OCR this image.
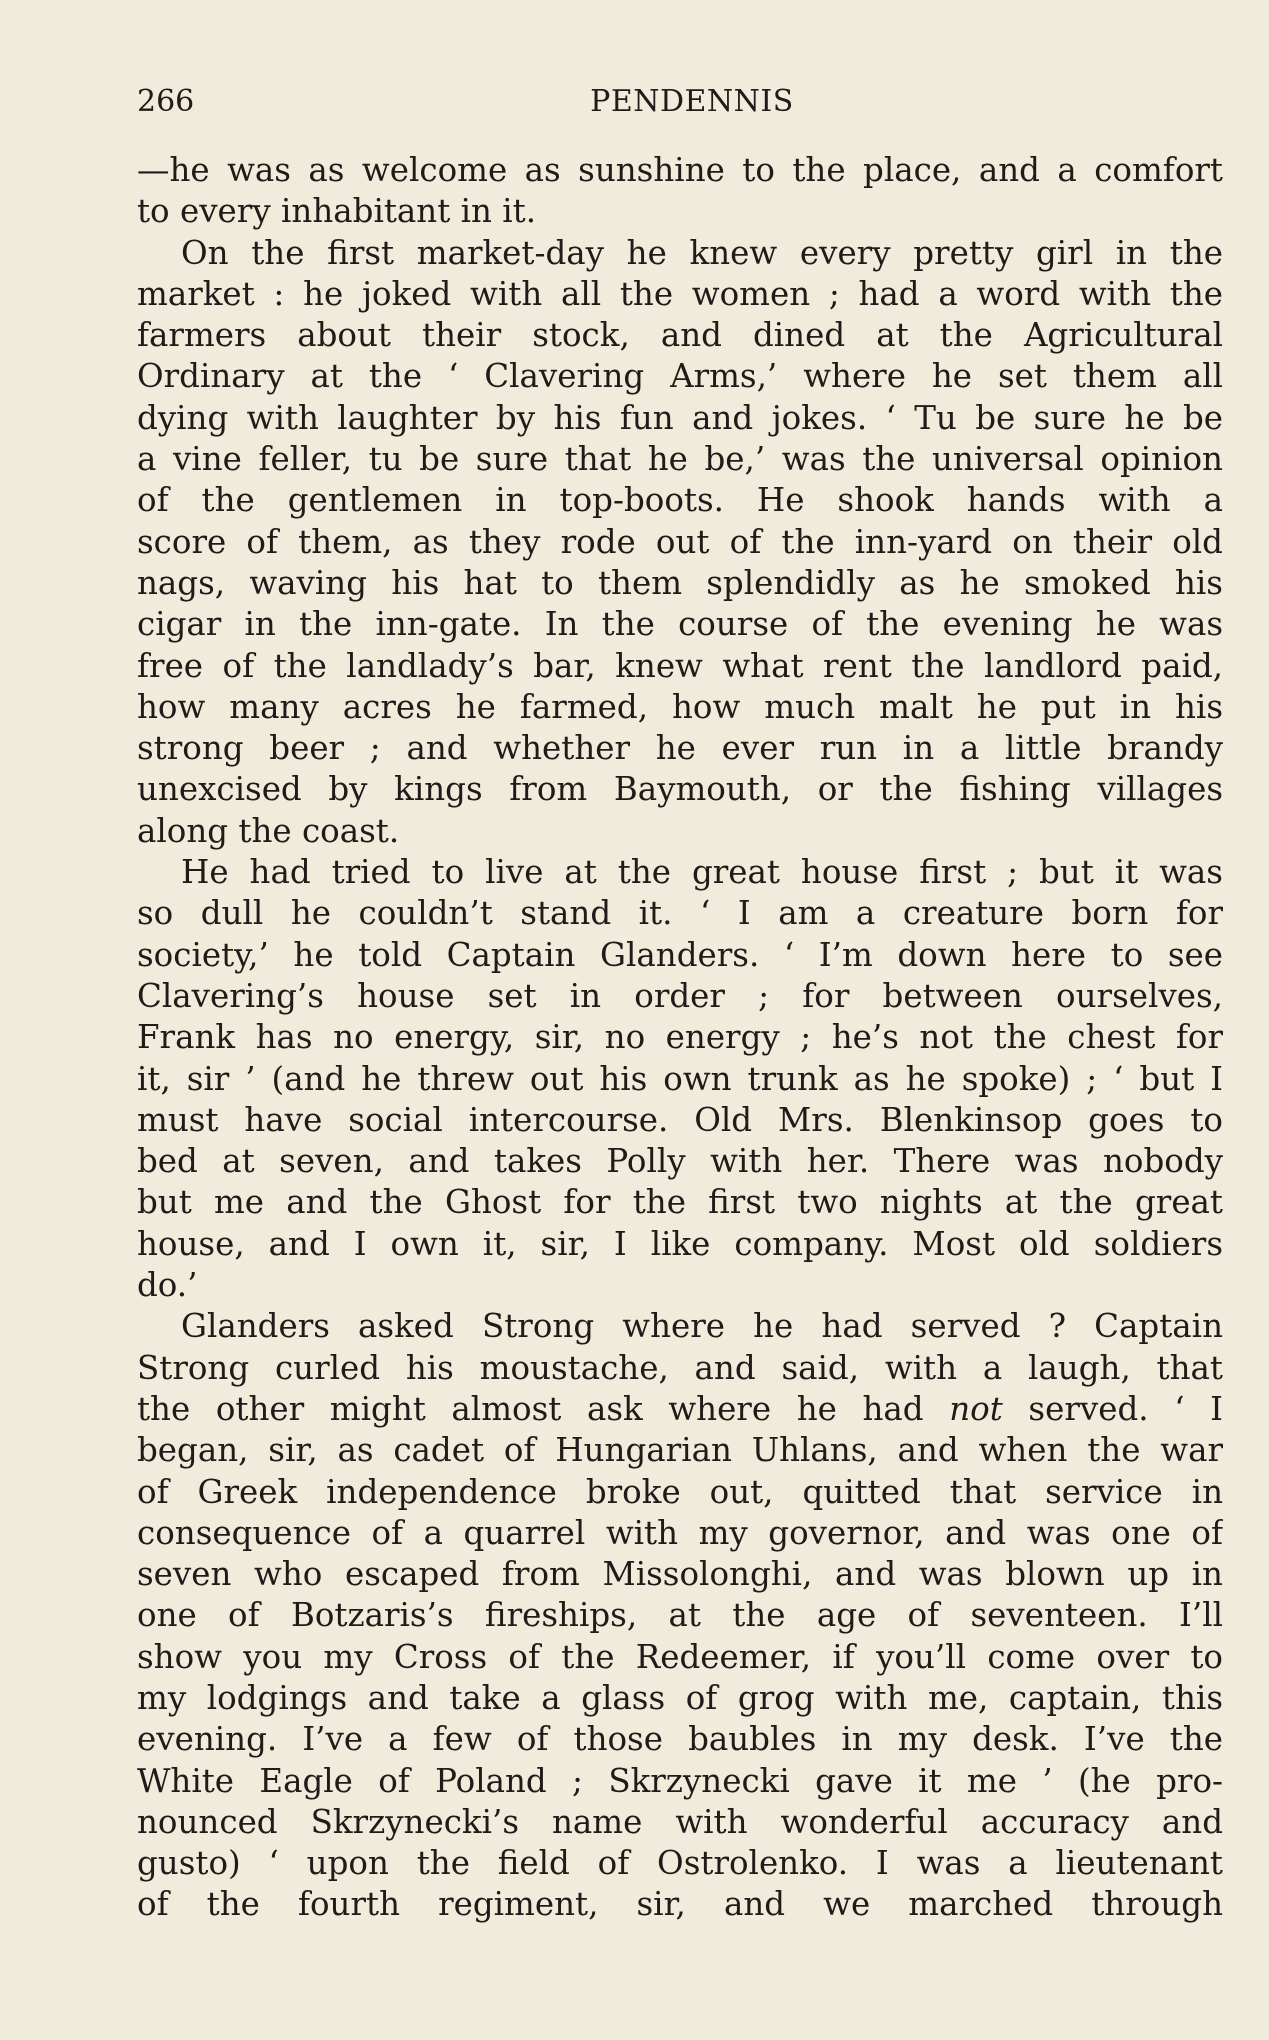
266	PENDENNIS
—he was as welcome as sunshine to the place, and a comfort
to every inhabitant in it.
On the first market-day he knew every pretty girl in the
market : he joked with all the women ; had a word with the
farmers about their stock, and dined at the Agricultural
Ordinary at the ‘ Clavering Arms,’ where he set them all
dying with laughter by his fun and jokes. ‘ Tu be sure he be
a vine feller, tu be sure that he be,’ was the universal opinion
of the gentlemen in top-boots. He shook hands with a
score of them, as they rode out of the inn-yard on their old
nags, waving his hat to them splendidly as he smoked his
cigar in the inn-gate. In the course of the evening he was
free of the landlady’s bar, knew what rent the landlord paid,
how many acres he farmed, how much malt he put in his
strong beer ; and whether he ever run in a little brandy
unexcised by kings from Baymouth, or the fishing villages
along the coast.
He had tried to live at the great house first ; but it was
so dull he couldn’t stand it. ‘ I am a creature born for
society,’ he told Captain Glanders. ‘ I’m down here to see
Clavering’s house set in order ; for between ourselves,
Frank has no energy, sir, no energy ; he’s not the chest for
it, sir ’ (and he threw out his own trunk as he spoke) ; ‘ but I
must have social intercourse. Old Mrs. Blenkinsop goes to
bed at seven, and takes Polly with her. There was nobody
but me and the Ghost for the first two nights at the great
house, and I own it, sir, I like company. Most old soldiers
do.’
Glanders asked Strong where he had served ? Captain
Strong curled his moustache, and said, with a laugh, that
the other might almost ask where he had not served. ‘ I
began, sir, as cadet of Hungarian Uhlans, and when the war
of Greek independence broke out, quitted that service in
consequence of a quarrel with my governor, and was one of
seven who escaped from Missolonghi, and was blown up in
one of Botzaris’s fireships, at the age of seventeen. I’ll
show you my Cross of the Redeemer, if you’ll come over to
my lodgings and take a glass of grog with me, captain, this
evening. I’ve a few of those baubles in my desk. I’ve the
White Eagle of Poland ; Skrzynecki gave it me ’ (he pro-
nounced Skrzynecki’s name with wonderful accuracy and
gusto) ‘ upon the field of Ostrolenko. I was a lieutenant
of the fourth regiment, sir, and we marched through
